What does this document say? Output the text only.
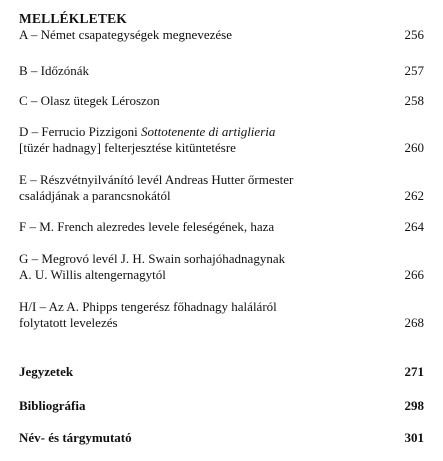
MELLÉKLETEK
A – Német csapategységek megnevezése	256
B – Időzónák	257
C – Olasz ütegek Léroszon	258
D – Ferrucio Pizzigoni Sottotenente di artiglieria
[tüzér hadnagy] felterjesztése kitüntetésre	260
E – Részvétnyilvánító levél Andreas Hutter őrmester
családjának a parancsnokától	262
F – M. French alezredes levele feleségének, haza	264
G – Megrovó levél J. H. Swain sorhajóhadnagynak
A. U. Willis altengernagytól	266
H/I – Az A. Phipps tengerész főhadnagy haláláról
folytatott levelezés	268
Jegyzetek	271
Bibliográfia	298
Név- és tárgymutató	301
